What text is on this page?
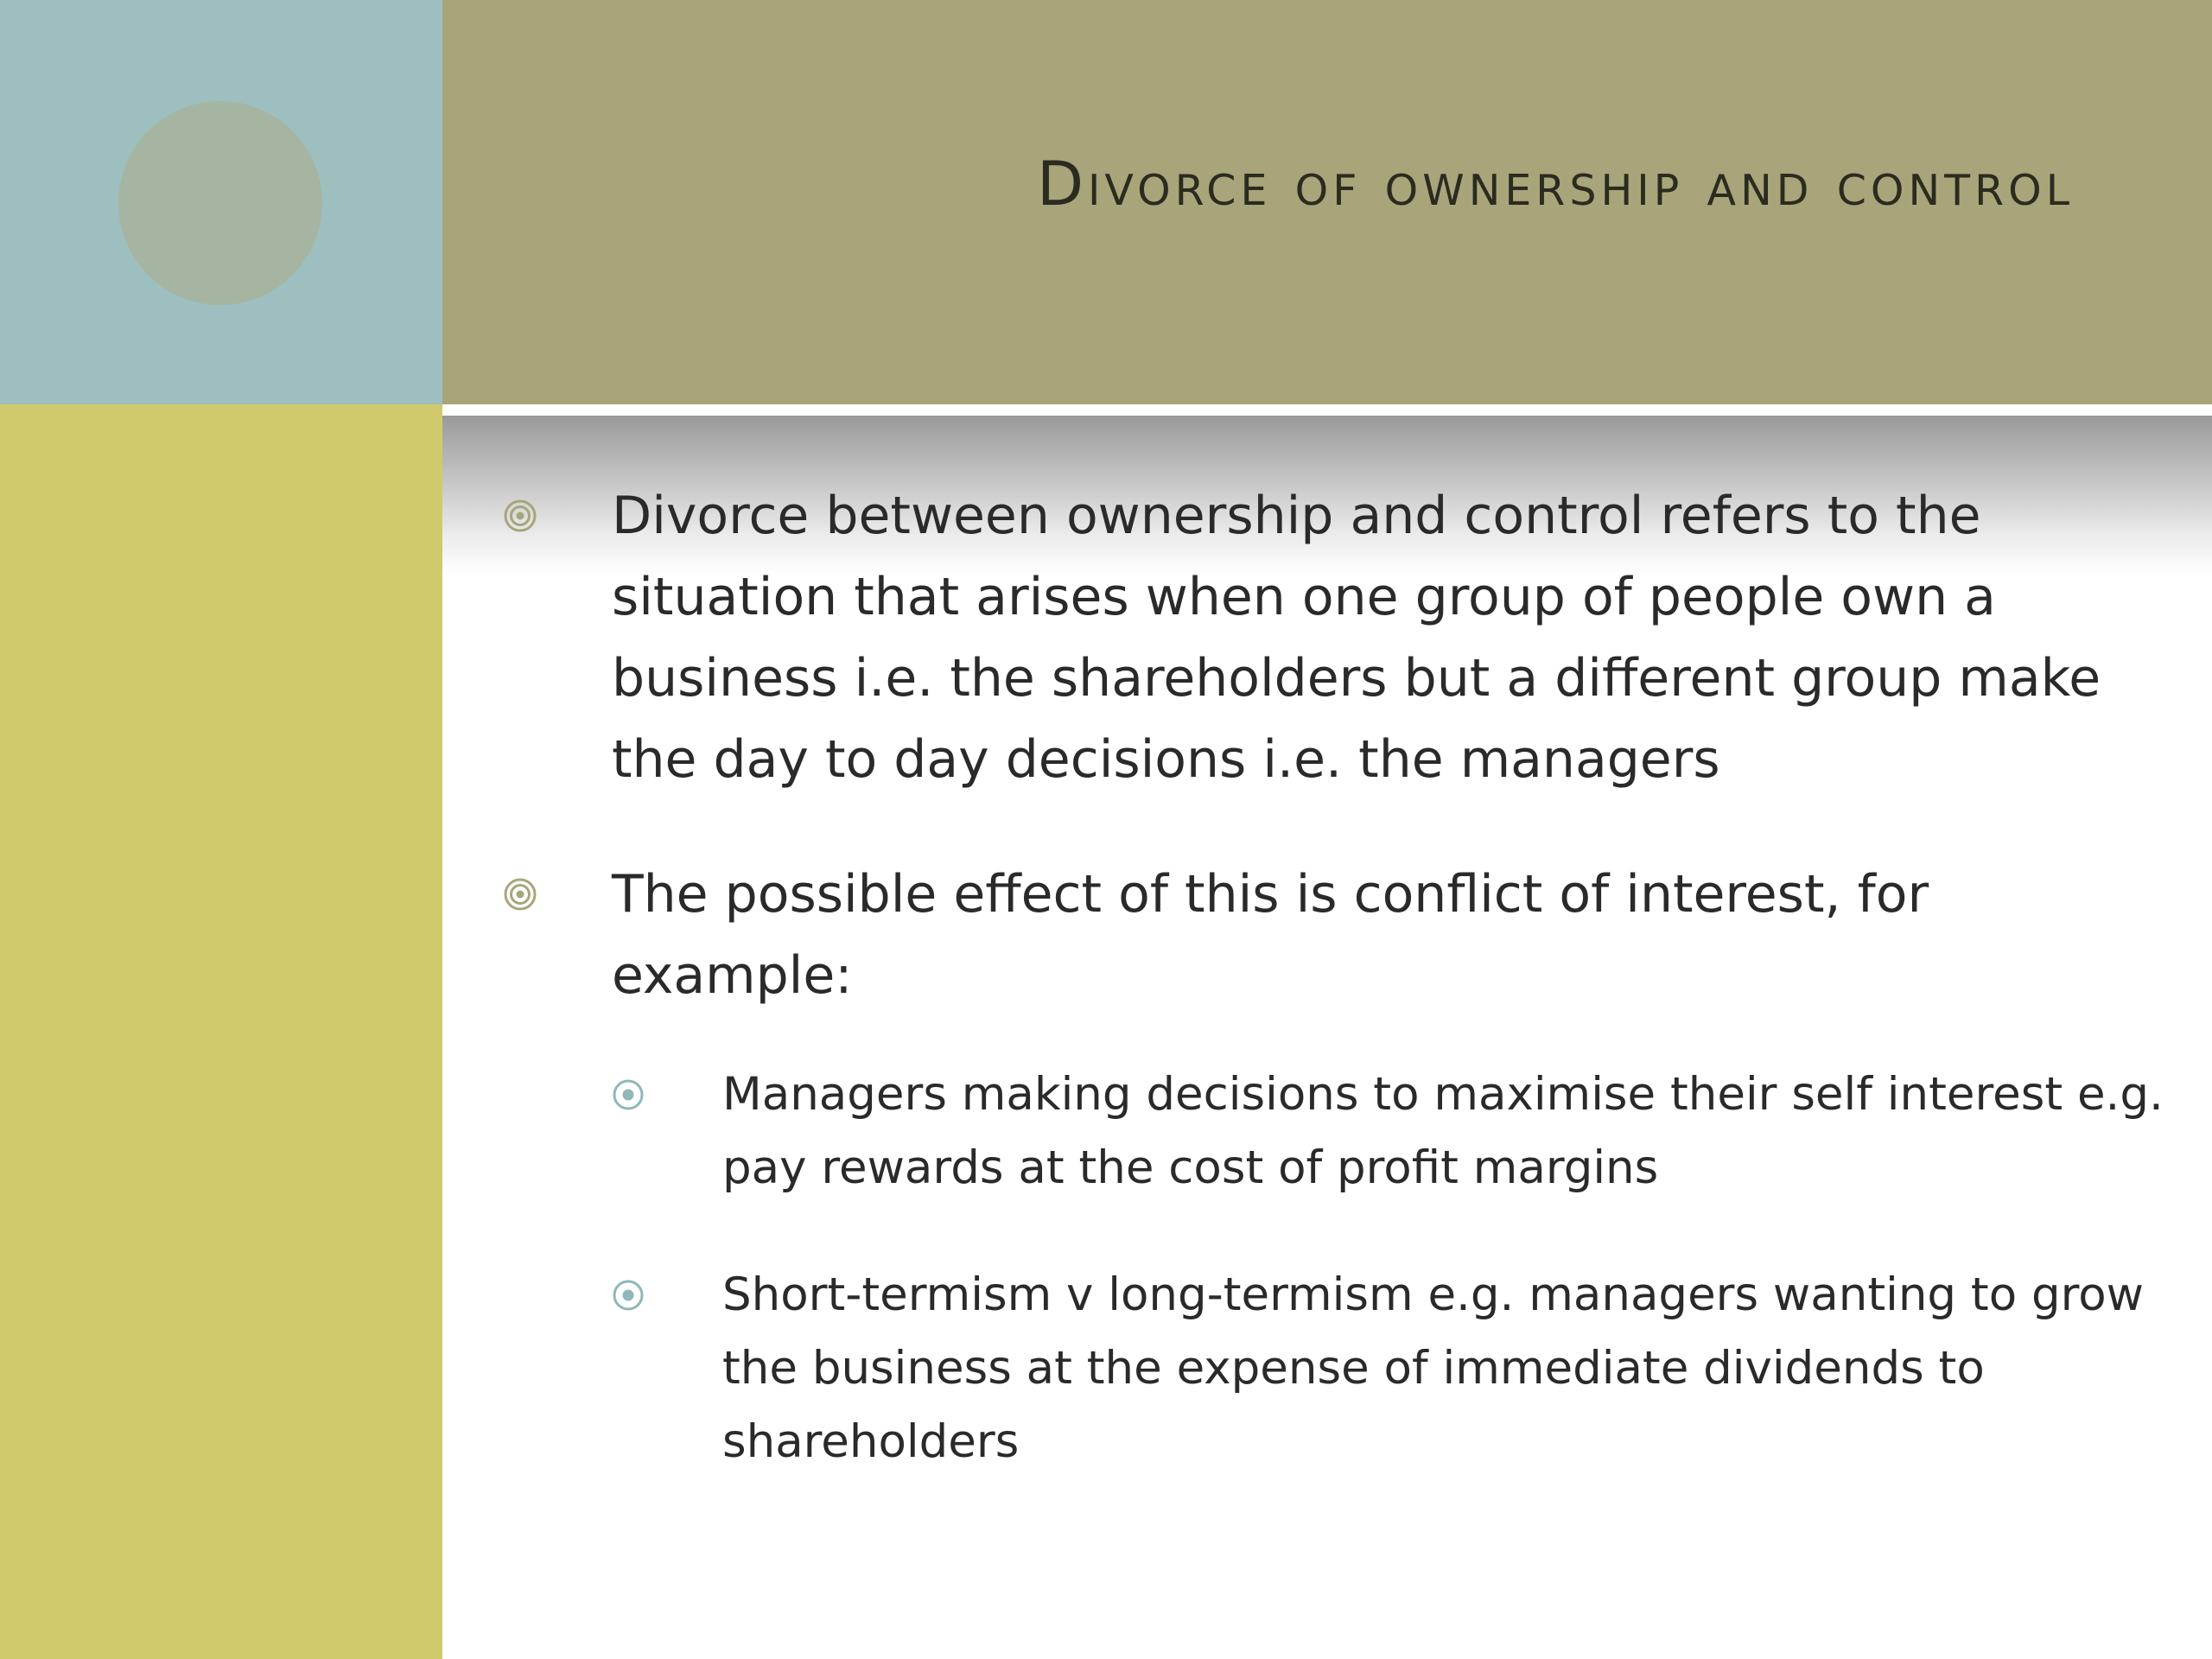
Divorce of ownership and control
Divorce between ownership and control refers to the situation that arises when one group of people own a business i.e. the shareholders but a different group make the day to day decisions i.e. the managers
The possible effect of this is conflict of interest, for example:
Managers making decisions to maximise their self interest e.g. pay rewards at the cost of profit margins
Short-termism v long-termism e.g. managers wanting to grow the business at the expense of immediate dividends to shareholders
